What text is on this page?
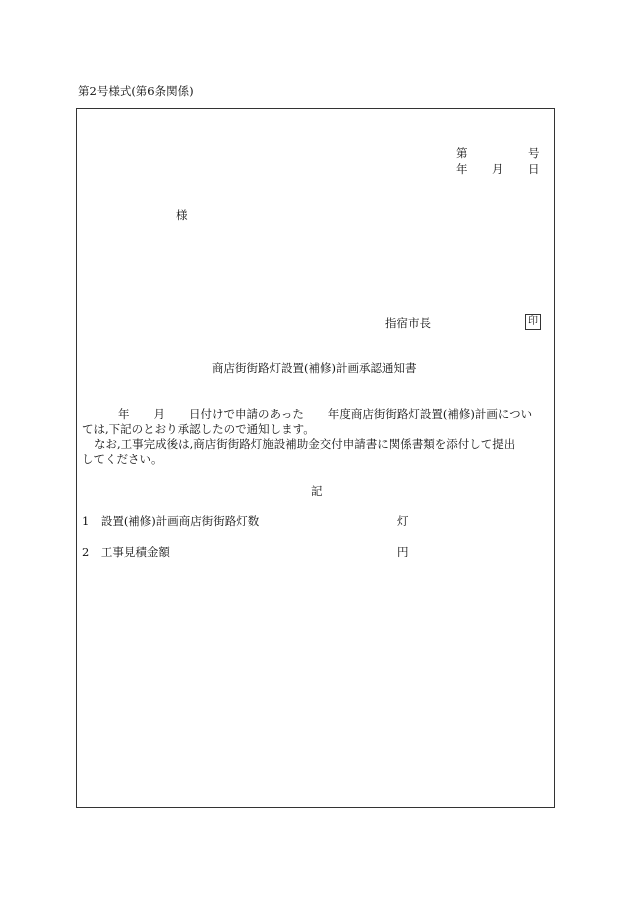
第2号様式(第6条関係)
第	号
年 月 日
様
指宿市長	印
商店街街路灯設置(補修)計画承認通知書
年 月 日付けで申請のあった 年度商店街街路灯設置(補修)計画につい
ては,下記のとおり承認したので通知します。
なお,工事完成後は,商店街街路灯施設補助金交付申請書に関係書類を添付して提出
してください。
記
1　設置(補修)計画商店街街路灯数	灯
2　工事見積金額	円
